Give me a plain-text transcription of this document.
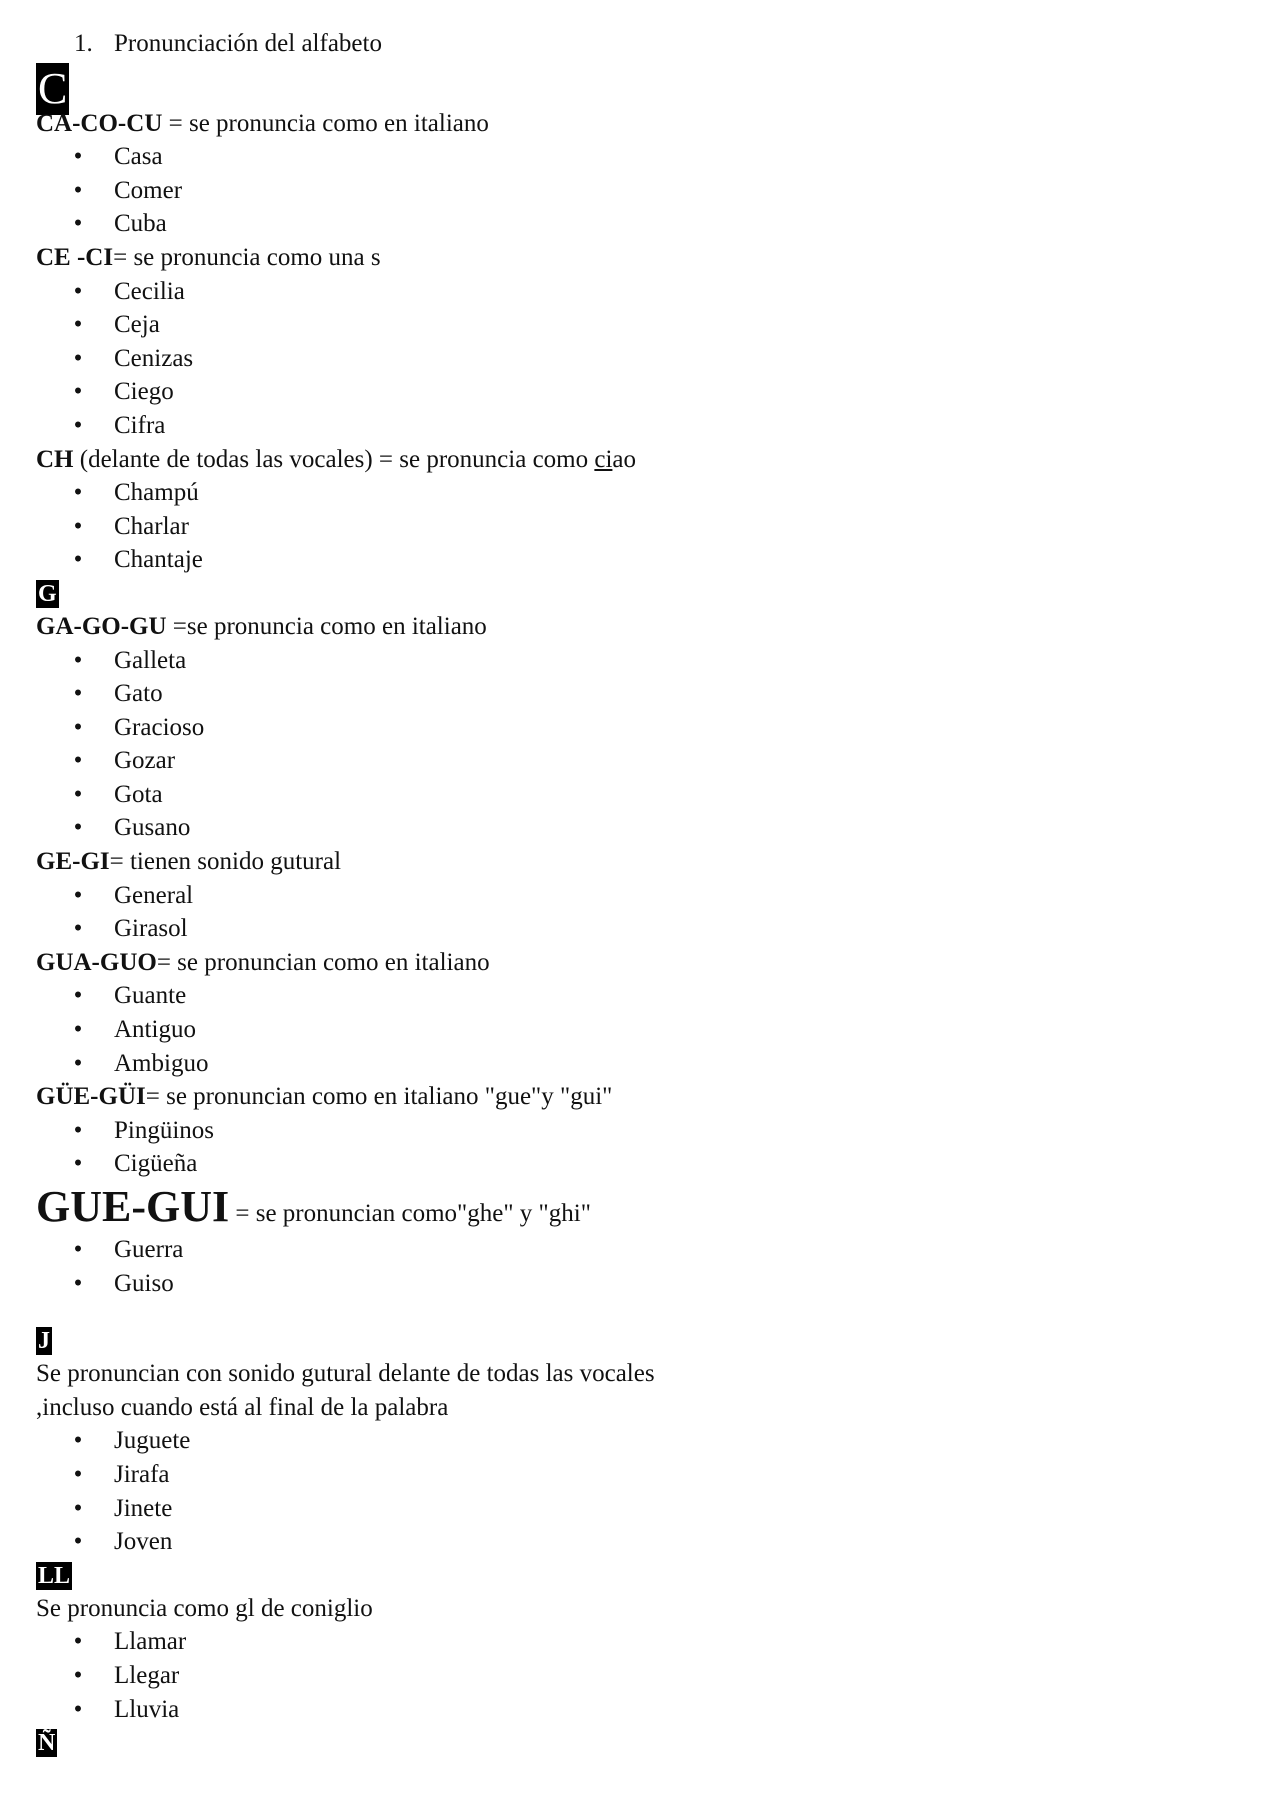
1. Pronunciación del alfabeto
C
CA-CO-CU = se pronuncia como en italiano
•	Casa
•	Comer
•	Cuba
CE -CI= se pronuncia como una s
•	Cecilia
•	Ceja
•	Cenizas
•	Ciego
•	Cifra
CH (delante de todas las vocales) = se pronuncia como ciao
•	Champú
•	Charlar
•	Chantaje
G
GA-GO-GU =se pronuncia como en italiano
•	Galleta
•	Gato
•	Gracioso
•	Gozar
•	Gota
•	Gusano
GE-GI= tienen sonido gutural
•	General
•	Girasol
GUA-GUO= se pronuncian como en italiano
•	Guante
•	Antiguo
•	Ambiguo
GÜE-GÜI= se pronuncian como en italiano "gue"y "gui"
•	Pingüinos
•	Cigüeña
GUE-GUI = se pronuncian como"ghe" y "ghi"
•	Guerra
•	Guiso
J
Se pronuncian con sonido gutural delante de todas las vocales
,incluso cuando está al final de la palabra
•	Juguete
•	Jirafa
•	Jinete
•	Joven
LL
Se pronuncia como gl de coniglio
•	Llamar
•	Llegar
•	Lluvia
Ñ
